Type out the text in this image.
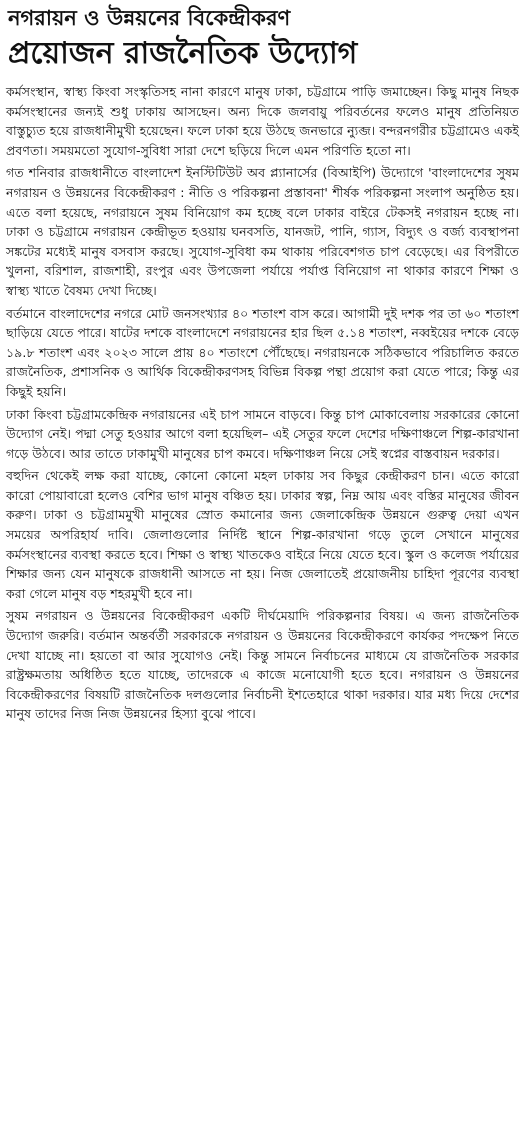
নগরায়ন ও উন্নয়নের বিকেন্দ্রীকরণ
প্রয়োজন রাজনৈতিক উদ্যোগ

কর্মসংস্থান, স্বাস্থ্য কিংবা সংস্কৃতিসহ নানা কারণে মানুষ ঢাকা, চট্টগ্রামে পাড়ি জমাচ্ছেন। কিছু মানুষ নিছক কর্মসংস্থানের জন্যই শুধু ঢাকায় আসছেন। অন্য দিকে জলবায়ু পরিবর্তনের ফলেও মানুষ প্রতিনিয়ত বাস্তুচ্যুত হয়ে রাজধানীমুখী হয়েছেন। ফলে ঢাকা হয়ে উঠছে জনভারে ন্যুব্জ। বন্দরনগরীর চট্টগ্রামেও একই প্রবণতা। সময়মতো সুযোগ-সুবিধা সারা দেশে ছড়িয়ে দিলে এমন পরিণতি হতো না।

গত শনিবার রাজধানীতে বাংলাদেশ ইনস্টিটিউট অব প্ল্যানার্সের (বিআইপি) উদ্যোগে 'বাংলাদেশের সুষম নগরায়ন ও উন্নয়নের বিকেন্দ্রীকরণ : নীতি ও পরিকল্পনা প্রস্তাবনা' শীর্ষক পরিকল্পনা সংলাপ অনুষ্ঠিত হয়। এতে বলা হয়েছে, নগরায়নে সুষম বিনিয়োগ কম হচ্ছে বলে ঢাকার বাইরে টেকসই নগরায়ন হচ্ছে না। ঢাকা ও চট্টগ্রামে নগরায়ন কেন্দ্রীভূত হওয়ায় ঘনবসতি, যানজট, পানি, গ্যাস, বিদ্যুৎ ও বর্জ্য ব্যবস্থাপনা সঙ্কটের মধ্যেই মানুষ বসবাস করছে। সুযোগ-সুবিধা কম থাকায় পরিবেশগত চাপ বেড়েছে। এর বিপরীতে খুলনা, বরিশাল, রাজশাহী, রংপুর এবং উপজেলা পর্যায়ে পর্যাপ্ত বিনিয়োগ না থাকার কারণে শিক্ষা ও স্বাস্থ্য খাতে বৈষম্য দেখা দিচ্ছে।

বর্তমানে বাংলাদেশের নগরে মোট জনসংখ্যার ৪০ শতাংশ বাস করে। আগামী দুই দশক পর তা ৬০ শতাংশ ছাড়িয়ে যেতে পারে। ষাটের দশকে বাংলাদেশে নগরায়নের হার ছিল ৫.১৪ শতাংশ, নব্বইয়ের দশকে বেড়ে ১৯.৮ শতাংশ এবং ২০২৩ সালে প্রায় ৪০ শতাংশে পৌঁছেছে। নগরায়নকে সঠিকভাবে পরিচালিত করতে রাজনৈতিক, প্রশাসনিক ও আর্থিক বিকেন্দ্রীকরণসহ বিভিন্ন বিকল্প পন্থা প্রয়োগ করা যেতে পারে; কিন্তু এর কিছুই হয়নি।

ঢাকা কিংবা চট্টগ্রামকেন্দ্রিক নগরায়নের এই চাপ সামনে বাড়বে। কিন্তু চাপ মোকাবেলায় সরকারের কোনো উদ্যোগ নেই। পদ্মা সেতু হওয়ার আগে বলা হয়েছিল– এই সেতুর ফলে দেশের দক্ষিণাঞ্চলে শিল্প-কারখানা গড়ে উঠবে। আর তাতে ঢাকামুখী মানুষের চাপ কমবে। দক্ষিণাঞ্চল নিয়ে সেই স্বপ্নের বাস্তবায়ন দরকার।

বহুদিন থেকেই লক্ষ করা যাচ্ছে, কোনো কোনো মহল ঢাকায় সব কিছুর কেন্দ্রীকরণ চান। এতে কারো কারো পোয়াবারো হলেও বেশির ভাগ মানুষ বঞ্চিত হয়। ঢাকার স্বল্প, নিম্ন আয় এবং বস্তির মানুষের জীবন করুণ। ঢাকা ও চট্টগ্রামমুখী মানুষের স্রোত কমানোর জন্য জেলাকেন্দ্রিক উন্নয়নে গুরুত্ব দেয়া এখন সময়ের অপরিহার্য দাবি। জেলাগুলোর নির্দিষ্ট স্থানে শিল্প-কারখানা গড়ে তুলে সেখানে মানুষের কর্মসংস্থানের ব্যবস্থা করতে হবে। শিক্ষা ও স্বাস্থ্য খাতকেও বাইরে নিয়ে যেতে হবে। স্কুল ও কলেজ পর্যায়ের শিক্ষার জন্য যেন মানুষকে রাজধানী আসতে না হয়। নিজ জেলাতেই প্রয়োজনীয় চাহিদা পূরণের ব্যবস্থা করা গেলে মানুষ বড় শহরমুখী হবে না।

সুষম নগরায়ন ও উন্নয়নের বিকেন্দ্রীকরণ একটি দীর্ঘমেয়াদি পরিকল্পনার বিষয়। এ জন্য রাজনৈতিক উদ্যোগ জরুরি। বর্তমান অন্তর্বর্তী সরকারকে নগরায়ন ও উন্নয়নের বিকেন্দ্রীকরণে কার্যকর পদক্ষেপ নিতে দেখা যাচ্ছে না। হয়তো বা আর সুযোগও নেই। কিন্তু সামনে নির্বাচনের মাধ্যমে যে রাজনৈতিক সরকার রাষ্ট্রক্ষমতায় অধিষ্ঠিত হতে যাচ্ছে, তাদেরকে এ কাজে মনোযোগী হতে হবে। নগরায়ন ও উন্নয়নের বিকেন্দ্রীকরণের বিষয়টি রাজনৈতিক দলগুলোর নির্বাচনী ইশতেহারে থাকা দরকার। যার মধ্য দিয়ে দেশের মানুষ তাদের নিজ নিজ উন্নয়নের হিস্যা বুঝে পাবে।
